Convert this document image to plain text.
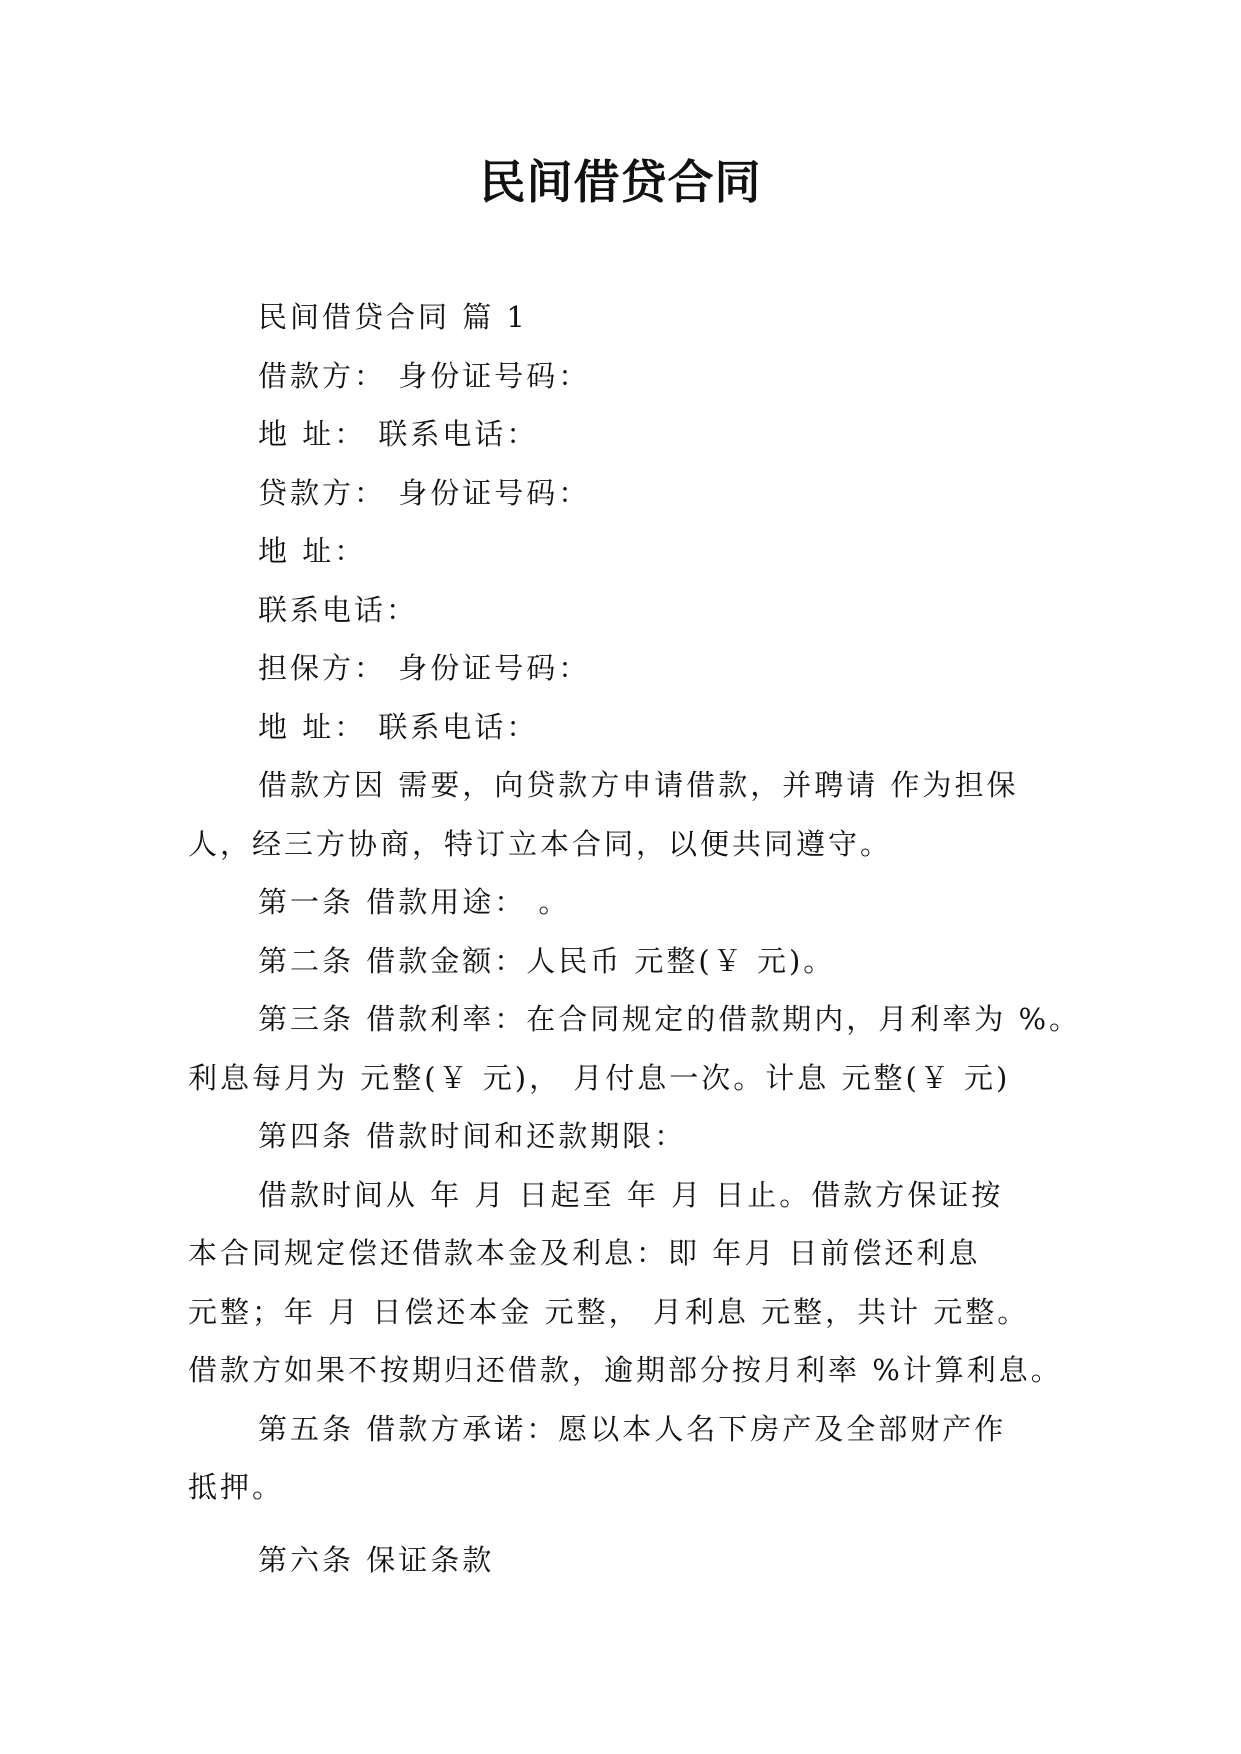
民间借贷合同

民间借贷合同 篇 1

借款方： 身份证号码：

地 址： 联系电话：

贷款方： 身份证号码：

地 址：

联系电话：

担保方： 身份证号码：

地 址： 联系电话：

借款方因 需要，向贷款方申请借款，并聘请 作为担保

人，经三方协商，特订立本合同，以便共同遵守。

第一条 借款用途： 。

第二条 借款金额：人民币 元整(￥ 元)。

第三条 借款利率：在合同规定的借款期内，月利率为 %。

利息每月为 元整(￥ 元)， 月付息一次。计息 元整(￥ 元)

第四条 借款时间和还款期限：

借款时间从 年 月 日起至 年 月 日止。借款方保证按

本合同规定偿还借款本金及利息：即 年月 日前偿还利息

元整；年 月 日偿还本金 元整， 月利息 元整，共计 元整。

借款方如果不按期归还借款，逾期部分按月利率 %计算利息。

第五条 借款方承诺：愿以本人名下房产及全部财产作

抵押。

第六条 保证条款
